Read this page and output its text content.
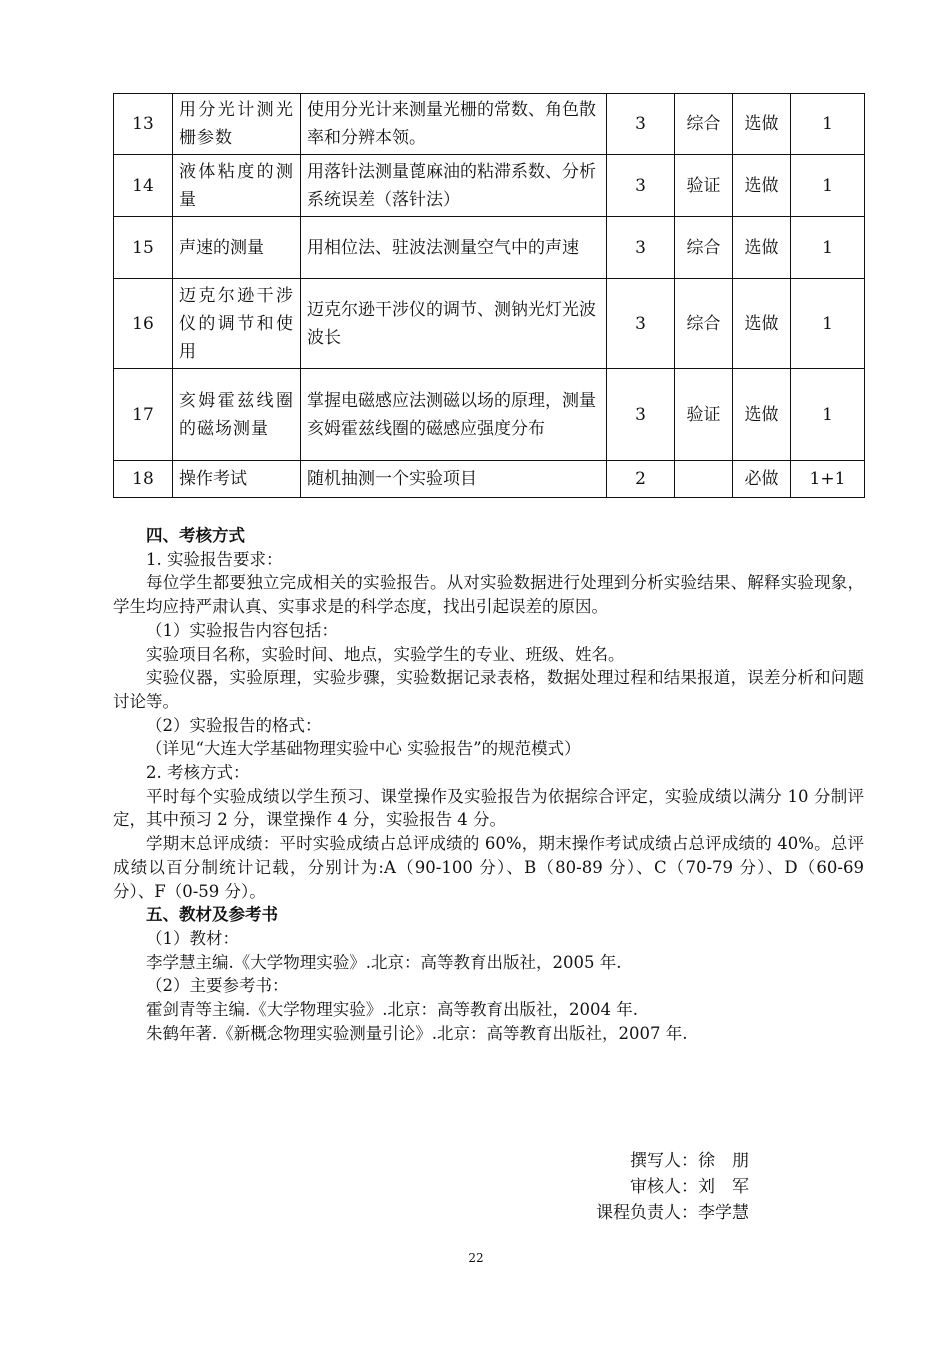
13	用分光计测光栅参数	使用分光计来测量光栅的常数、角色散率和分辨本领。	3	综合	选做	1
14	液体粘度的测量	用落针法测量蓖麻油的粘滞系数、分析系统误差（落针法）	3	验证	选做	1
15	声速的测量	用相位法、驻波法测量空气中的声速	3	综合	选做	1
16	迈克尔逊干涉仪的调节和使用	迈克尔逊干涉仪的调节、测钠光灯光波波长	3	综合	选做	1
17	亥姆霍兹线圈的磁场测量	掌握电磁感应法测磁以场的原理，测量亥姆霍兹线圈的磁感应强度分布	3	验证	选做	1
18	操作考试	随机抽测一个实验项目	2		必做	1+1
四、考核方式

1. 实验报告要求：

每位学生都要独立完成相关的实验报告。从对实验数据进行处理到分析实验结果、解释实验现象，学生均应持严肃认真、实事求是的科学态度，找出引起误差的原因。

（1）实验报告内容包括：

实验项目名称，实验时间、地点，实验学生的专业、班级、姓名。

实验仪器，实验原理，实验步骤，实验数据记录表格，数据处理过程和结果报道，误差分析和问题讨论等。

（2）实验报告的格式：

（详见“大连大学基础物理实验中心 实验报告”的规范模式）

2. 考核方式：

平时每个实验成绩以学生预习、课堂操作及实验报告为依据综合评定，实验成绩以满分 10 分制评定，其中预习 2 分，课堂操作 4 分，实验报告 4 分。

学期末总评成绩：平时实验成绩占总评成绩的 60%，期末操作考试成绩占总评成绩的 40%。总评成绩以百分制统计记载，分别计为:A（90-100 分）、B（80-89 分）、C（70-79 分）、D（60-69 分）、F（0-59 分）。

五、教材及参考书

（1）教材：

李学慧主编.《大学物理实验》.北京：高等教育出版社，2005 年.

（2）主要参考书：

霍剑青等主编.《大学物理实验》.北京：高等教育出版社，2004 年.

朱鹤年著.《新概念物理实验测量引论》.北京：高等教育出版社，2007 年.

撰写人： 徐　朋
审核人： 刘　军
课程负责人： 李学慧
22
